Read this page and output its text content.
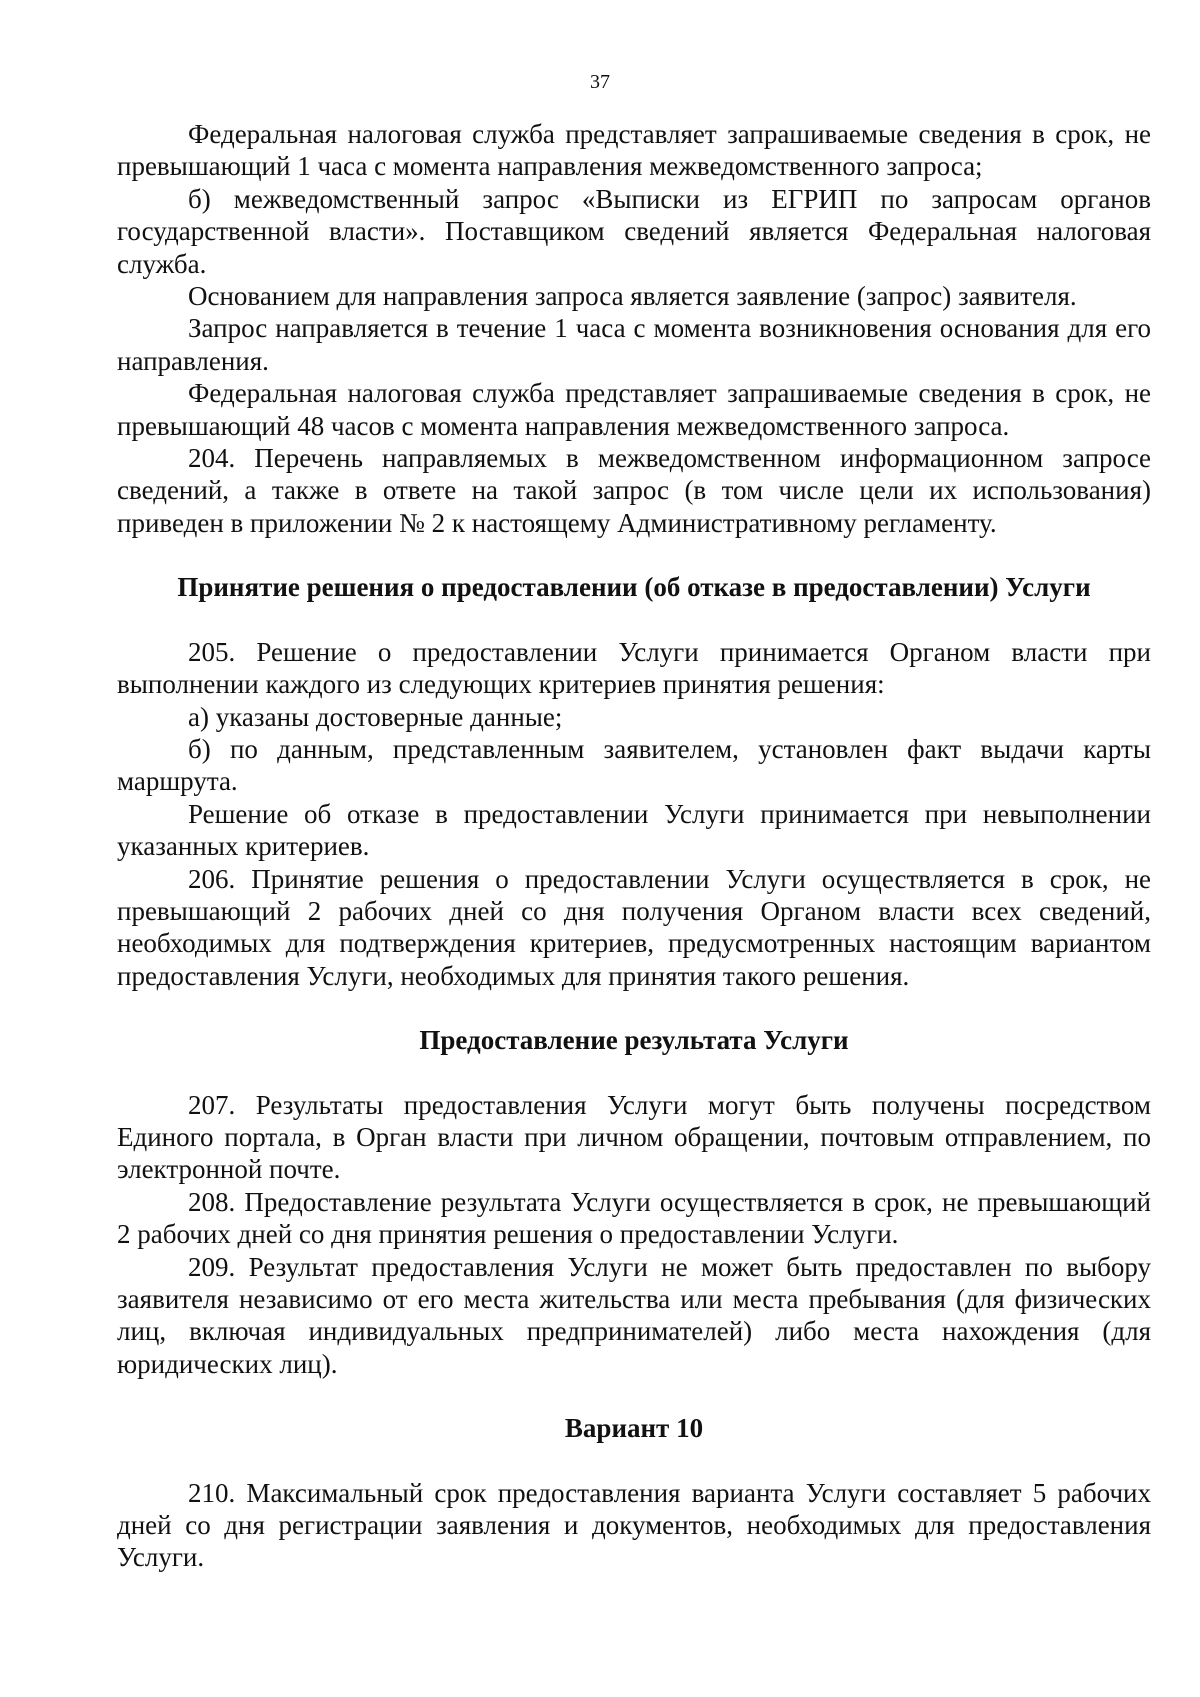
37

Федеральная налоговая служба представляет запрашиваемые сведения в срок, не превышающий 1 часа с момента направления межведомственного запроса;

б) межведомственный запрос «Выписки из ЕГРИП по запросам органов государственной власти». Поставщиком сведений является Федеральная налоговая служба.

Основанием для направления запроса является заявление (запрос) заявителя.

Запрос направляется в течение 1 часа с момента возникновения основания для его направления.

Федеральная налоговая служба представляет запрашиваемые сведения в срок, не превышающий 48 часов с момента направления межведомственного запроса.

204. Перечень направляемых в межведомственном информационном запросе сведений, а также в ответе на такой запрос (в том числе цели их использования) приведен в приложении № 2 к настоящему Административному регламенту.

Принятие решения о предоставлении (об отказе в предоставлении) Услуги

205. Решение о предоставлении Услуги принимается Органом власти при выполнении каждого из следующих критериев принятия решения:

а) указаны достоверные данные;

б) по данным, представленным заявителем, установлен факт выдачи карты маршрута.

Решение об отказе в предоставлении Услуги принимается при невыполнении указанных критериев.

206. Принятие решения о предоставлении Услуги осуществляется в срок, не превышающий 2 рабочих дней со дня получения Органом власти всех сведений, необходимых для подтверждения критериев, предусмотренных настоящим вариантом предоставления Услуги, необходимых для принятия такого решения.

Предоставление результата Услуги

207. Результаты предоставления Услуги могут быть получены посредством Единого портала, в Орган власти при личном обращении, почтовым отправлением, по электронной почте.

208. Предоставление результата Услуги осуществляется в срок, не превышающий 2 рабочих дней со дня принятия решения о предоставлении Услуги.

209. Результат предоставления Услуги не может быть предоставлен по выбору заявителя независимо от его места жительства или места пребывания (для физических лиц, включая индивидуальных предпринимателей) либо места нахождения (для юридических лиц).

Вариант 10

210. Максимальный срок предоставления варианта Услуги составляет 5 рабочих дней со дня регистрации заявления и документов, необходимых для предоставления Услуги.
